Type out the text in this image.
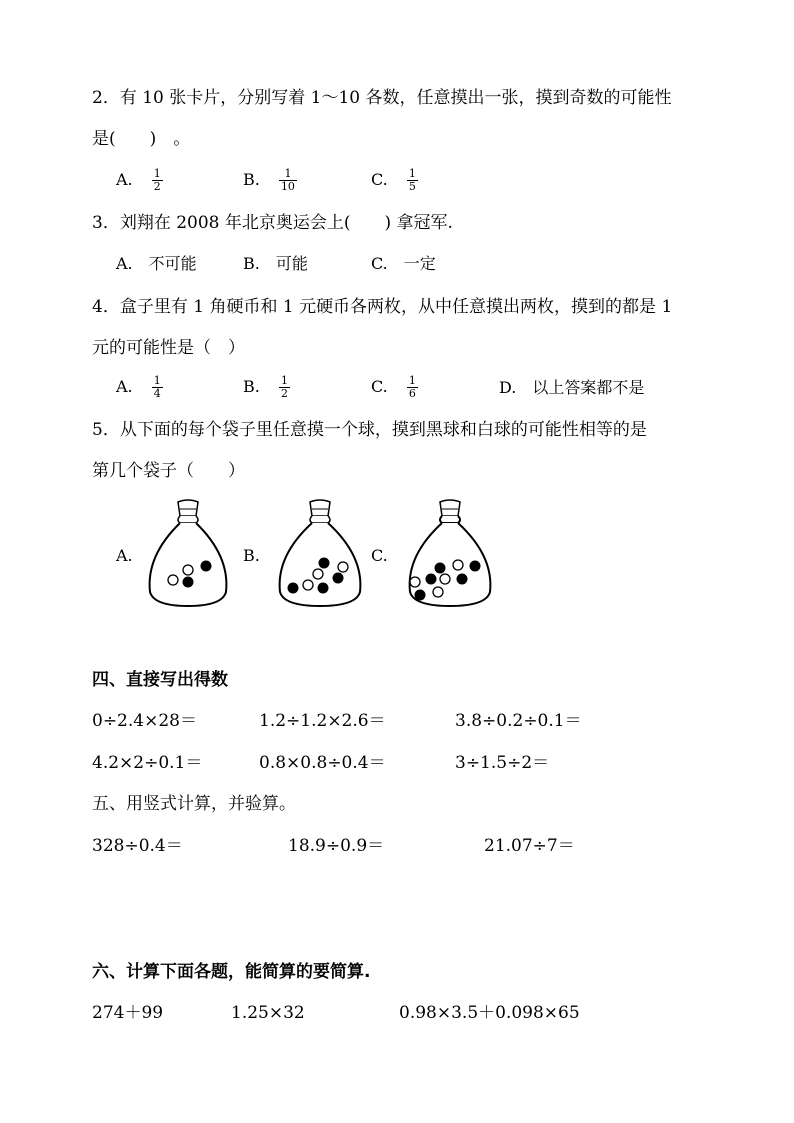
2．有 10 张卡片，分别写着 1～10 各数，任意摸出一张，摸到奇数的可能性
是(　　)　。
A. $\frac{1}{2}$	B. $\frac{1}{10}$	C. $\frac{1}{5}$
3．刘翔在 2008 年北京奥运会上(　　) 拿冠军.
A.　不可能	B.　可能	C.　一定
4．盒子里有 1 角硬币和 1 元硬币各两枚，从中任意摸出两枚，摸到的都是 1
元的可能性是（　）
A. $\frac{1}{4}$	B. $\frac{1}{2}$	C. $\frac{1}{6}$	D.　以上答案都不是
5．从下面的每个袋子里任意摸一个球，摸到黑球和白球的可能性相等的是
第几个袋子（　　）
A.	B.	C.
四、直接写出得数
0÷2.4×28＝	1.2÷1.2×2.6＝	3.8÷0.2÷0.1＝
4.2×2÷0.1＝	0.8×0.8÷0.4＝	3÷1.5÷2＝
五、用竖式计算，并验算。
328÷0.4＝	18.9÷0.9＝	21.07÷7＝
六、计算下面各题，能简算的要简算.
274＋99	1.25×32	0.98×3.5＋0.098×65
